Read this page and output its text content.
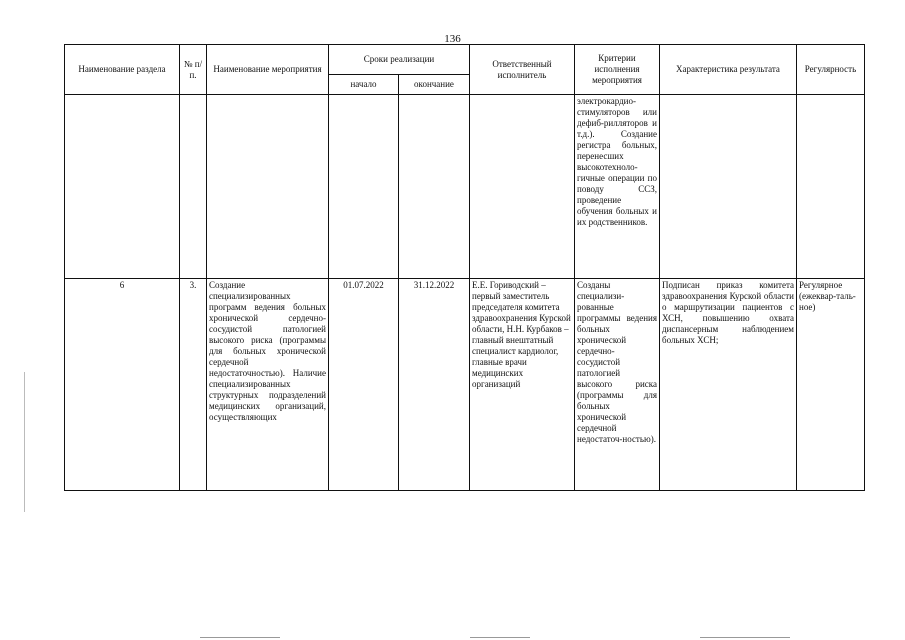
136
Наименование раздела	№ п/п.	Наименование мероприятия	Сроки реализации		Ответственный исполнитель	Критерии исполнения мероприятия	Характеристика результата	Регулярность
			начало	окончание				
						электрокардио-стимуляторов или дефиб-рилляторов и т.д.). Создание регистра больных, перенесших высокотехноло-гичные операции по поводу ССЗ, проведение обучения больных и их родственников.		
6	3.	Создание специализированных программ ведения больных хронической сердечно-сосудистой патологией высокого риска (программы для больных хронической сердечной недостаточностью). Наличие специализированных структурных подразделений медицинских организаций, осуществляющих	01.07.2022	31.12.2022	Е.Е. Гориводский – первый заместитель председателя комитета здравоохранения Курской области, Н.Н. Курбаков – главный внештатный специалист кардиолог, главные врачи медицинских организаций	Созданы специализи-рованные программы ведения больных хронической сердечно-сосудистой патологией высокого риска (программы для больных хронической сердечной недостаточ-ностью).	Подписан приказ комитета здравоохранения Курской области о маршрутизации пациентов с ХСН, повышению охвата диспансерным наблюдением больных ХСН;	Регулярное (ежеквар-таль-ное)
